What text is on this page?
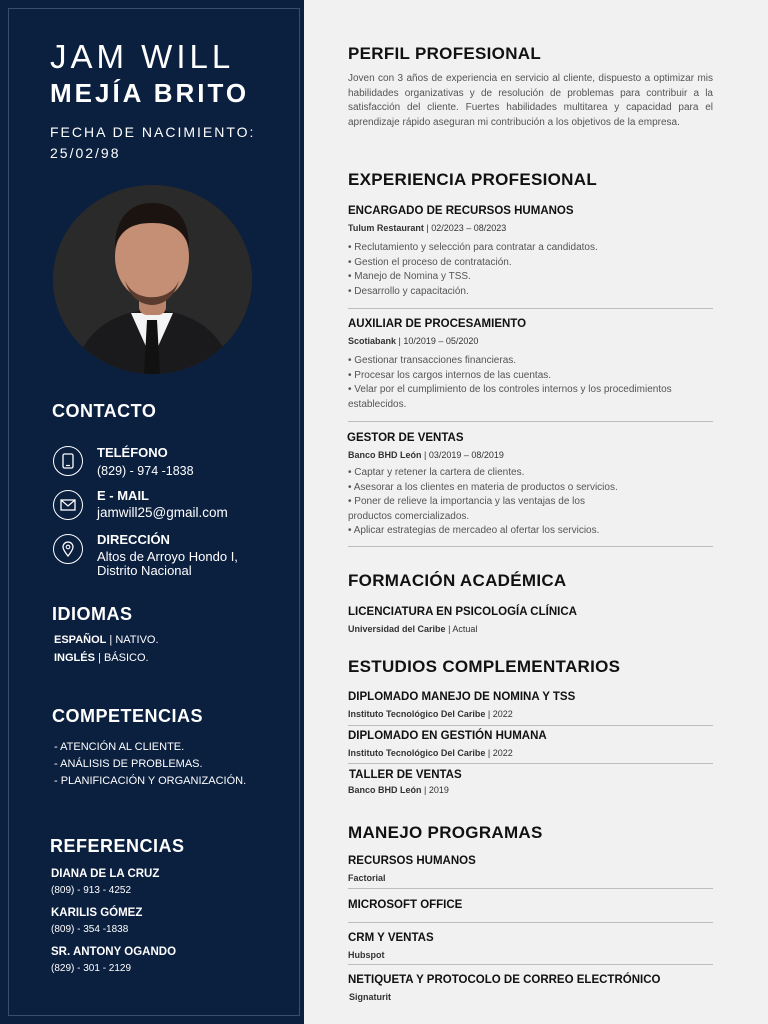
JAM WILL
MEJÍA BRITO
FECHA DE NACIMIENTO:
25/02/98
CONTACTO
TELÉFONO
(829) - 974 -1838
E - MAIL
jamwill25@gmail.com
DIRECCIÓN
Altos de Arroyo Hondo I,
Distrito Nacional
IDIOMAS
ESPAÑOL | NATIVO.
INGLÉS | BÁSICO.
COMPETENCIAS
- ATENCIÓN AL CLIENTE.
- ANÁLISIS DE PROBLEMAS.
- PLANIFICACIÓN Y ORGANIZACIÓN.
REFERENCIAS
DIANA DE LA CRUZ
(809) - 913 - 4252
KARILIS GÓMEZ
(809) - 354 -1838
SR. ANTONY OGANDO
(829) - 301 - 2129
PERFIL PROFESIONAL
Joven con 3 años de experiencia en servicio al cliente, dispuesto a optimizar mis habilidades organizativas y de resolución de problemas para contribuir a la satisfacción del cliente. Fuertes habilidades multitarea y capacidad para el aprendizaje rápido aseguran mi contribución a los objetivos de la empresa.
EXPERIENCIA PROFESIONAL
ENCARGADO DE RECURSOS HUMANOS
Tulum Restaurant | 02/2023 – 08/2023
• Reclutamiento y selección para contratar a candidatos.
• Gestion el proceso de contratación.
• Manejo de Nomina y TSS.
• Desarrollo y capacitación.
AUXILIAR DE PROCESAMIENTO
Scotiabank | 10/2019 – 05/2020
• Gestionar transacciones financieras.
• Procesar los cargos internos de las cuentas.
• Velar por el cumplimiento de los controles internos y los procedimientos
establecidos.
GESTOR DE VENTAS
Banco BHD León | 03/2019 – 08/2019
• Captar y retener la cartera de clientes.
• Asesorar a los clientes en materia de productos o servicios.
• Poner de relieve la importancia y las ventajas de los
productos comercializados.
• Aplicar estrategias de mercadeo al ofertar los servicios.
FORMACIÓN ACADÉMICA
LICENCIATURA EN PSICOLOGÍA CLÍNICA
Universidad del Caribe | Actual
ESTUDIOS COMPLEMENTARIOS
DIPLOMADO MANEJO DE NOMINA Y TSS
Instituto Tecnológico Del Caribe | 2022
DIPLOMADO EN GESTIÓN HUMANA
Instituto Tecnológico Del Caribe | 2022
TALLER DE VENTAS
Banco BHD León | 2019
MANEJO PROGRAMAS
RECURSOS HUMANOS
Factorial
MICROSOFT OFFICE
CRM Y VENTAS
Hubspot
NETIQUETA Y PROTOCOLO DE CORREO ELECTRÓNICO
Signaturit
